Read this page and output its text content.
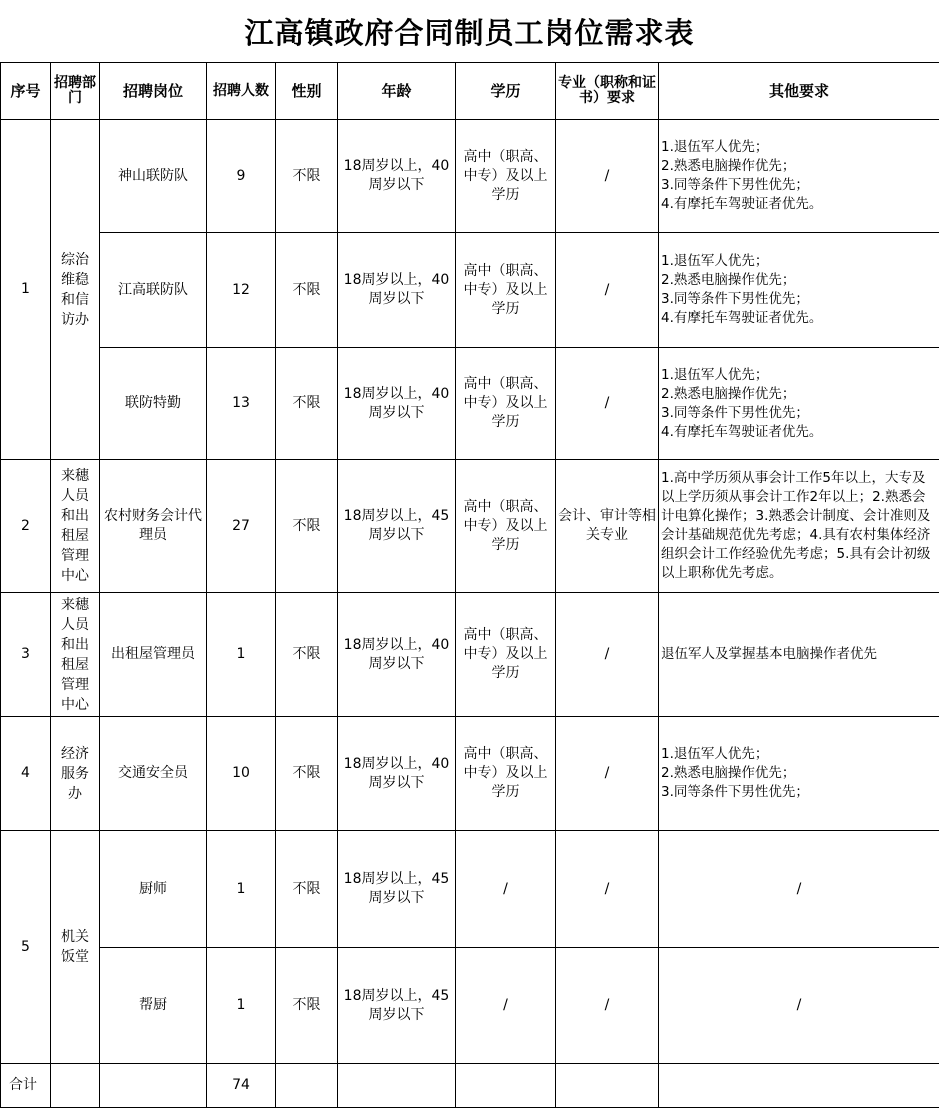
江高镇政府合同制员工岗位需求表
序号	招聘部门	招聘岗位	招聘人数	性别	年龄	学历	专业（职称和证书）要求	其他要求
1	综治维稳和信访办	神山联防队	9	不限	18周岁以上，40周岁以下	高中（职高、中专）及以上学历	/	1.退伍军人优先；
2.熟悉电脑操作优先；
3.同等条件下男性优先；
4.有摩托车驾驶证者优先。

		江高联防队	12	不限	18周岁以上，40周岁以下	高中（职高、中专）及以上学历	/	1.退伍军人优先；
2.熟悉电脑操作优先；
3.同等条件下男性优先；
4.有摩托车驾驶证者优先。

		联防特勤	13	不限	18周岁以上，40周岁以下	高中（职高、中专）及以上学历	/	1.退伍军人优先；
2.熟悉电脑操作优先；
3.同等条件下男性优先；
4.有摩托车驾驶证者优先。

2	来穗人员和出租屋管理中心	农村财务会计代理员	27	不限	18周岁以上，45周岁以下	高中（职高、中专）及以上学历	会计、审计等相关专业	1.高中学历须从事会计工作5年以上，大专及以上学历须从事会计工作2年以上；2.熟悉会计电算化操作；3.熟悉会计制度、会计准则及会计基础规范优先考虑；4.具有农村集体经济组织会计工作经验优先考虑；5.具有会计初级以上职称优先考虑。

3	来穗人员和出租屋管理中心	出租屋管理员	1	不限	18周岁以上，40周岁以下	高中（职高、中专）及以上学历	/	退伍军人及掌握基本电脑操作者优先

4	经济服务办	交通安全员	10	不限	18周岁以上，40周岁以下	高中（职高、中专）及以上学历	/	1.退伍军人优先；
2.熟悉电脑操作优先；
3.同等条件下男性优先；

5	机关饭堂	厨师	1	不限	18周岁以上，45周岁以下	/	/	/
		帮厨	1	不限	18周岁以上，45周岁以下	/	/	/
合计			74					
